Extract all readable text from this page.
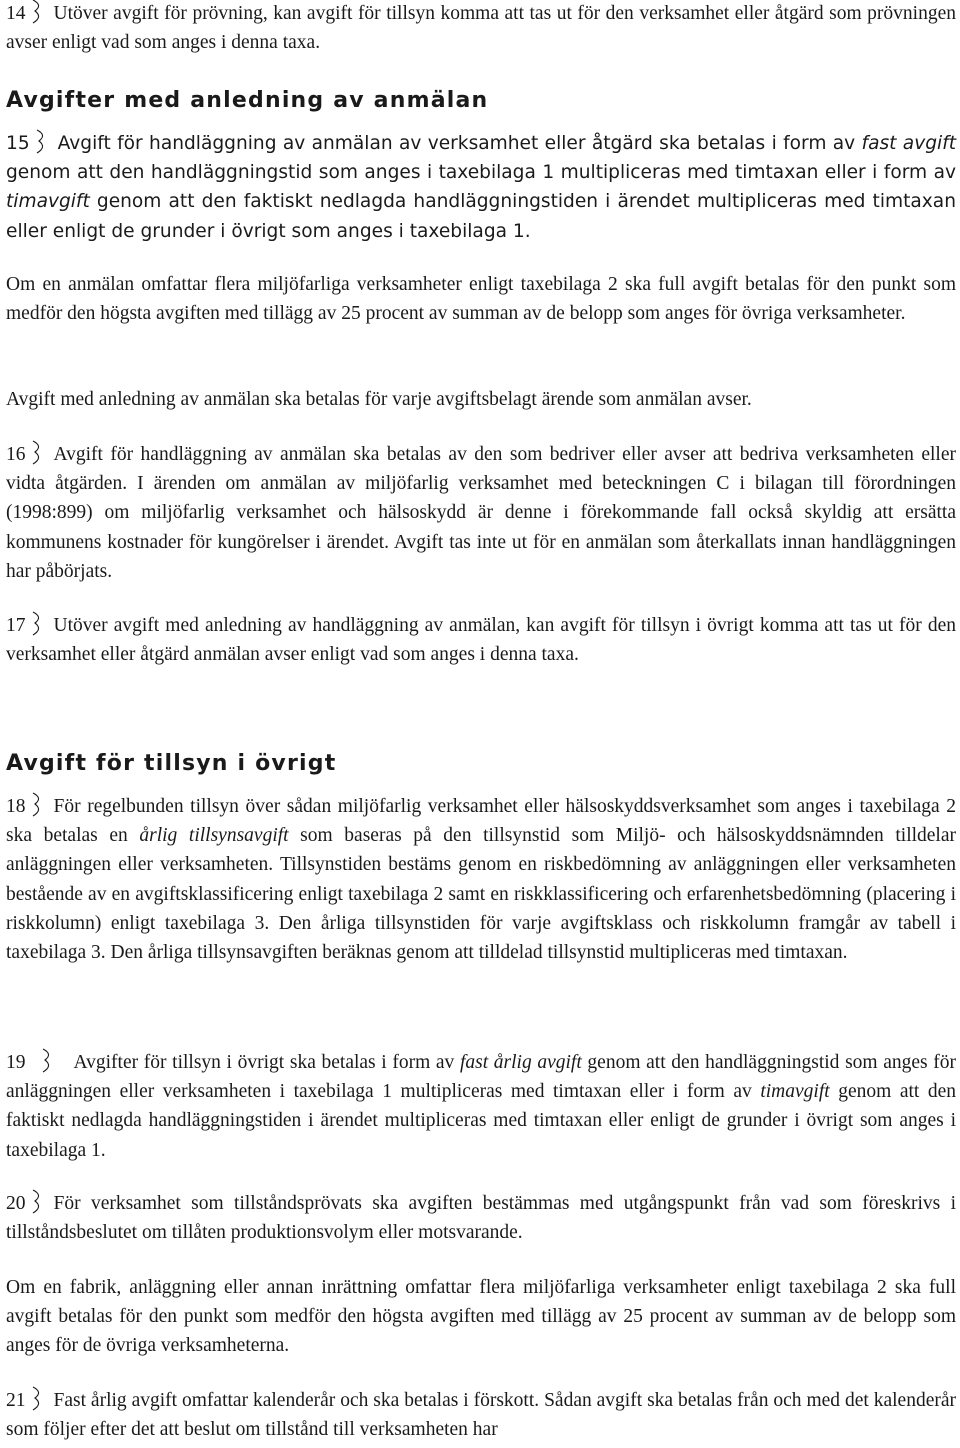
14 Utöver avgift för prövning, kan avgift för tillsyn komma att tas ut för den verksamhet eller åtgärd som prövningen avser enligt vad som anges i denna taxa.

Avgifter med anledning av anmälan

15 Avgift för handläggning av anmälan av verksamhet eller åtgärd ska betalas i form av fast avgift genom att den handläggningstid som anges i taxebilaga 1 multipliceras med timtaxan eller i form av timavgift genom att den faktiskt nedlagda handläggningstiden i ärendet multipliceras med timtaxan eller enligt de grunder i övrigt som anges i taxebilaga 1.

Om en anmälan omfattar flera miljöfarliga verksamheter enligt taxebilaga 2 ska full avgift betalas för den punkt som medför den högsta avgiften med tillägg av 25 procent av summan av de belopp som anges för övriga verksamheter.

Avgift med anledning av anmälan ska betalas för varje avgiftsbelagt ärende som anmälan avser.

16 Avgift för handläggning av anmälan ska betalas av den som bedriver eller avser att bedriva verksamheten eller vidta åtgärden. I ärenden om anmälan av miljöfarlig verksamhet med beteckningen C i bilagan till förordningen (1998:899) om miljöfarlig verksamhet och hälsoskydd är denne i förekommande fall också skyldig att ersätta kommunens kostnader för kungörelser i ärendet. Avgift tas inte ut för en anmälan som återkallats innan handläggningen har påbörjats.

17 Utöver avgift med anledning av handläggning av anmälan, kan avgift för tillsyn i övrigt komma att tas ut för den verksamhet eller åtgärd anmälan avser enligt vad som anges i denna taxa.

Avgift för tillsyn i övrigt

18 För regelbunden tillsyn över sådan miljöfarlig verksamhet eller hälsoskyddsverksamhet som anges i taxebilaga 2 ska betalas en årlig tillsynsavgift som baseras på den tillsynstid som Miljö- och hälsoskyddsnämnden tilldelar anläggningen eller verksamheten. Tillsynstiden bestäms genom en riskbedömning av anläggningen eller verksamheten bestående av en avgiftsklassificering enligt taxebilaga 2 samt en riskklassificering och erfarenhetsbedömning (placering i riskkolumn) enligt taxebilaga 3. Den årliga tillsynstiden för varje avgiftsklass och riskkolumn framgår av tabell i taxebilaga 3. Den årliga tillsynsavgiften beräknas genom att tilldelad tillsynstid multipliceras med timtaxan.

19 Avgifter för tillsyn i övrigt ska betalas i form av fast årlig avgift genom att den handläggningstid som anges för anläggningen eller verksamheten i taxebilaga 1 multipliceras med timtaxan eller i form av timavgift genom att den faktiskt nedlagda handläggningstiden i ärendet multipliceras med timtaxan eller enligt de grunder i övrigt som anges i taxebilaga 1.

20 För verksamhet som tillståndsprövats ska avgiften bestämmas med utgångspunkt från vad som föreskrivs i tillståndsbeslutet om tillåten produktionsvolym eller motsvarande.

Om en fabrik, anläggning eller annan inrättning omfattar flera miljöfarliga verksamheter enligt taxebilaga 2 ska full avgift betalas för den punkt som medför den högsta avgiften med tillägg av 25 procent av summan av de belopp som anges för de övriga verksamheterna.

21 Fast årlig avgift omfattar kalenderår och ska betalas i förskott. Sådan avgift ska betalas från och med det kalenderår som följer efter det att beslut om tillstånd till verksamheten har
